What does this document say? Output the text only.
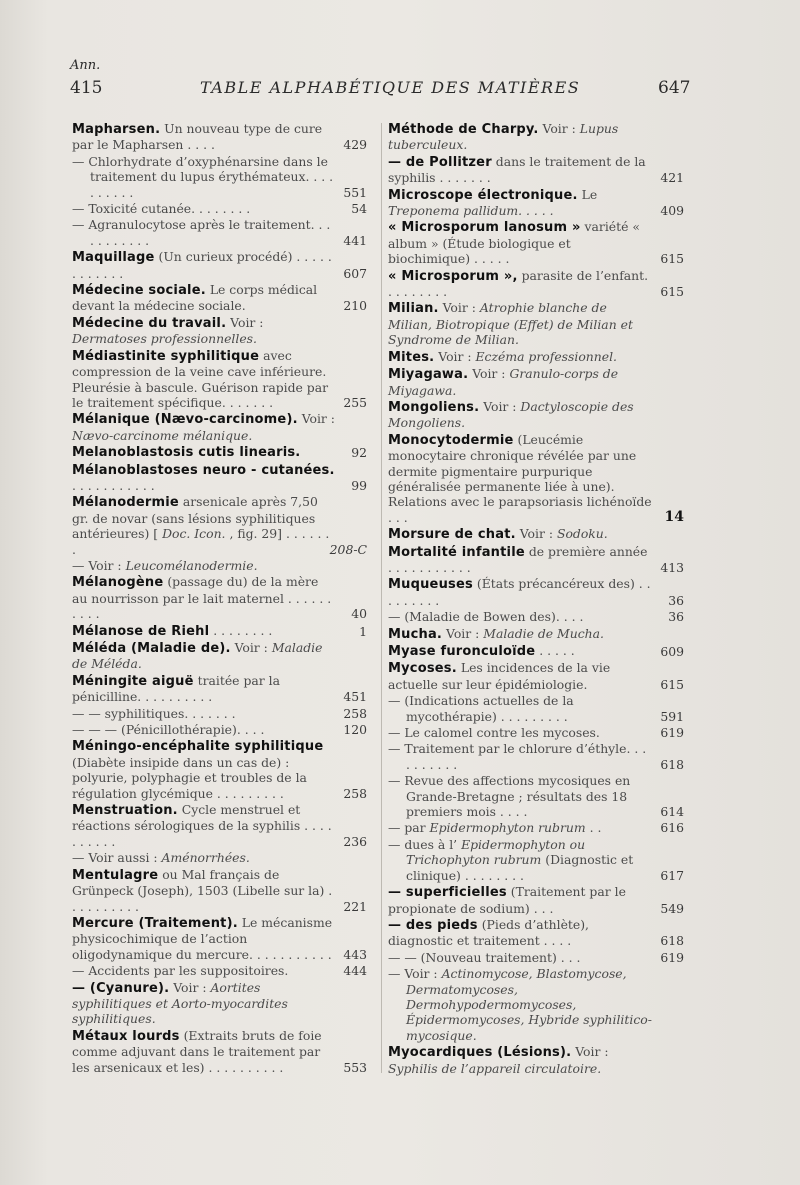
Ann.
415	TABLE ALPHABÉTIQUE DES MATIÈRES	647
Mapharsen. Un nouveau type de cure par le Mapharsen . . . .	429
— Chlorhydrate d’oxyphénarsine dans le traitement du lupus érythémateux. . . . . . . . . .	551
— Toxicité cutanée. . . . . . . .	54
— Agranulocytose après le traitement. . . . . . . . . . .	441
Maquillage (Un curieux procédé) . . . . . . . . . . . .	607
Médecine sociale. Le corps médical devant la médecine sociale.	210
Médecine du travail. Voir : Dermatoses professionnelles.
Médiastinite syphilitique avec compression de la veine cave inférieure. Pleurésie à bascule. Guérison rapide par le traitement spécifique. . . . . . .	255
Mélanique (Nævo-carcinome). Voir : Nævo-carcinome mélanique.
Melanoblastosis cutis linearis.	92
Mélanoblastoses neuro - cutanées. . . . . . . . . . . .	99
Mélanodermie arsenicale après 7,50 gr. de novar (sans lésions syphilitiques antérieures) [ Doc. Icon. , fig. 29] . . . . . . .	208-C
— Voir : Leucomélanodermie.
Mélanogène (passage du) de la mère au nourrisson par le lait maternel . . . . . . . . . .	40
Mélanose de Riehl . . . . . . . .	1
Méléda (Maladie de). Voir : Maladie de Méléda.
Méningite aiguë traitée par la pénicilline. . . . . . . . . .	451
— — syphilitiques. . . . . . .	258
— — — (Pénicillothérapie). . . .	120
Méningo-encéphalite syphilitique (Diabète insipide dans un cas de) : polyurie, polyphagie et troubles de la régulation glycémique . . . . . . . . .	258
Menstruation. Cycle menstruel et réactions sérologiques de la syphilis . . . . . . . . . .	236
— Voir aussi : Aménorrhées.
Mentulagre ou Mal français de Grünpeck (Joseph), 1503 (Libelle sur la) . . . . . . . . . .	221
Mercure (Traitement). Le mécanisme physicochimique de l’action oligodynamique du mercure. . . . . . . . . . . 443
— Accidents par les suppositoires.	444
— (Cyanure). Voir : Aortites syphilitiques et Aorto-myocardites syphilitiques.
Métaux lourds (Extraits bruts de foie comme adjuvant dans le traitement par les arsenicaux et les) . . . . . . . . . .	553
Méthode de Charpy. Voir : Lupus tuberculeux.
— de Pollitzer dans le traitement de la syphilis . . . . . . .	421
Microscope électronique. Le Treponema pallidum. . . . .	409
« Microsporum lanosum » variété « album » (Étude biologique et biochimique) . . . . .	615
« Microsporum », parasite de l’enfant. . . . . . . . .	615
Milian. Voir : Atrophie blanche de Milian, Biotropique (Effet) de Milian et Syndrome de Milian.
Mites. Voir : Eczéma professionnel.
Miyagawa. Voir : Granulo-corps de Miyagawa.
Mongoliens. Voir : Dactyloscopie des Mongoliens.
Monocytodermie (Leucémie monocytaire chronique révélée par une dermite pigmentaire purpurique généralisée permanente liée à une). Relations avec le parapsoriasis lichénoïde . . .	14
Morsure de chat. Voir : Sodoku.
Mortalité infantile de première année . . . . . . . . . . .	413
Muqueuses (États précancéreux des) . . . . . . . . .	36
— (Maladie de Bowen des). . . .	36
Mucha. Voir : Maladie de Mucha.
Myase furonculoïde . . . . .	609
Mycoses. Les incidences de la vie actuelle sur leur épidémiologie.	615
— (Indications actuelles de la mycothérapie) . . . . . . . . .	591
— Le calomel contre les mycoses.	619
— Traitement par le chlorure d’éthyle. . . . . . . . . .	618
— Revue des affections mycosiques en Grande-Bretagne ; résultats des 18 premiers mois . . . .	614
— par Epidermophyton rubrum . .	616
— dues à l’ Epidermophyton ou Trichophyton rubrum (Diagnostic et clinique) . . . . . . . .	617
— superficielles (Traitement par le propionate de sodium) . . .	549
— des pieds (Pieds d’athlète), diagnostic et traitement . . . .	618
— — (Nouveau traitement) . . .	619
— Voir : Actinomycose, Blastomycose, Dermatomycoses, Dermohypodermomycoses, Épidermomycoses, Hybride syphilitico-mycosique.
Myocardiques (Lésions). Voir : Syphilis de l’appareil circulatoire.
